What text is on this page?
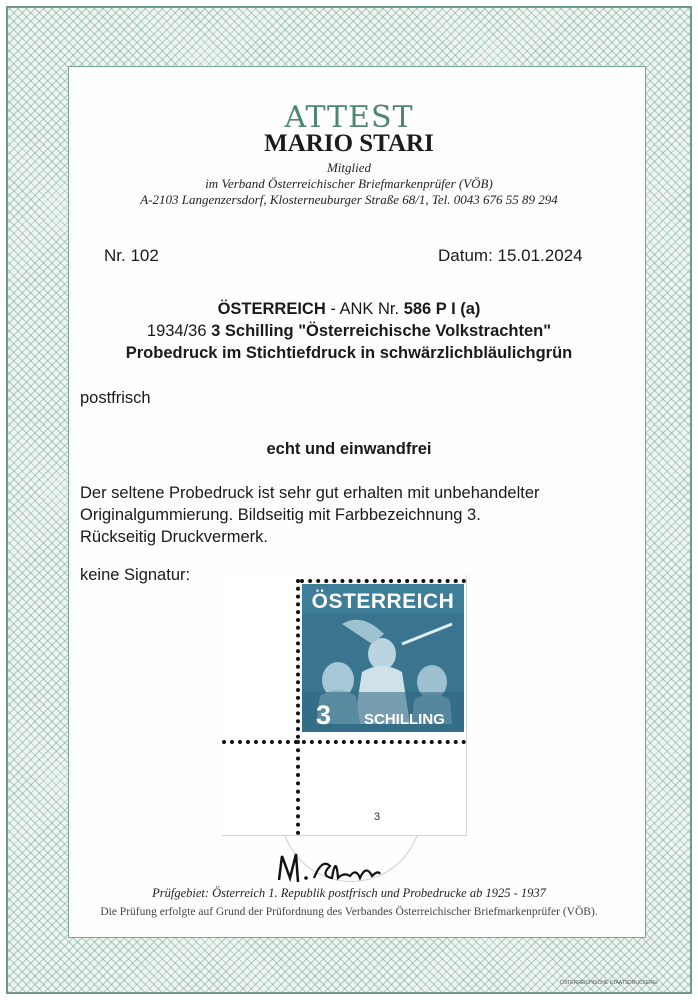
ATTEST
MARIO STARI
Mitglied
im Verband Österreichischer Briefmarkenprüfer (VÖB)
A-2103 Langenzersdorf, Klosterneuburger Straße 68/1, Tel. 0043 676 55 89 294
Nr. 102	Datum: 15.01.2024
ÖSTERREICH - ANK Nr. 586 P I (a)
1934/36 3 Schilling "Österreichische Volkstrachten"
Probedruck im Stichtiefdruck in schwärzlichbläulichgrün
postfrisch
echt und einwandfrei
Der seltene Probedruck ist sehr gut erhalten mit unbehandelter
Originalgummierung. Bildseitig mit Farbbezeichnung 3.
Rückseitig Druckvermerk.
keine Signatur:
ÖSTERREICH
3 SCHILLING
3
Prüfgebiet: Österreich 1. Republik postfrisch und Probedrucke ab 1925 - 1937
Die Prüfung erfolgte auf Grund der Prüfordnung des Verbandes Österreichischer Briefmarkenprüfer (VÖB).
ÖSTERREICHISCHE STAATSDRUCKEREI
